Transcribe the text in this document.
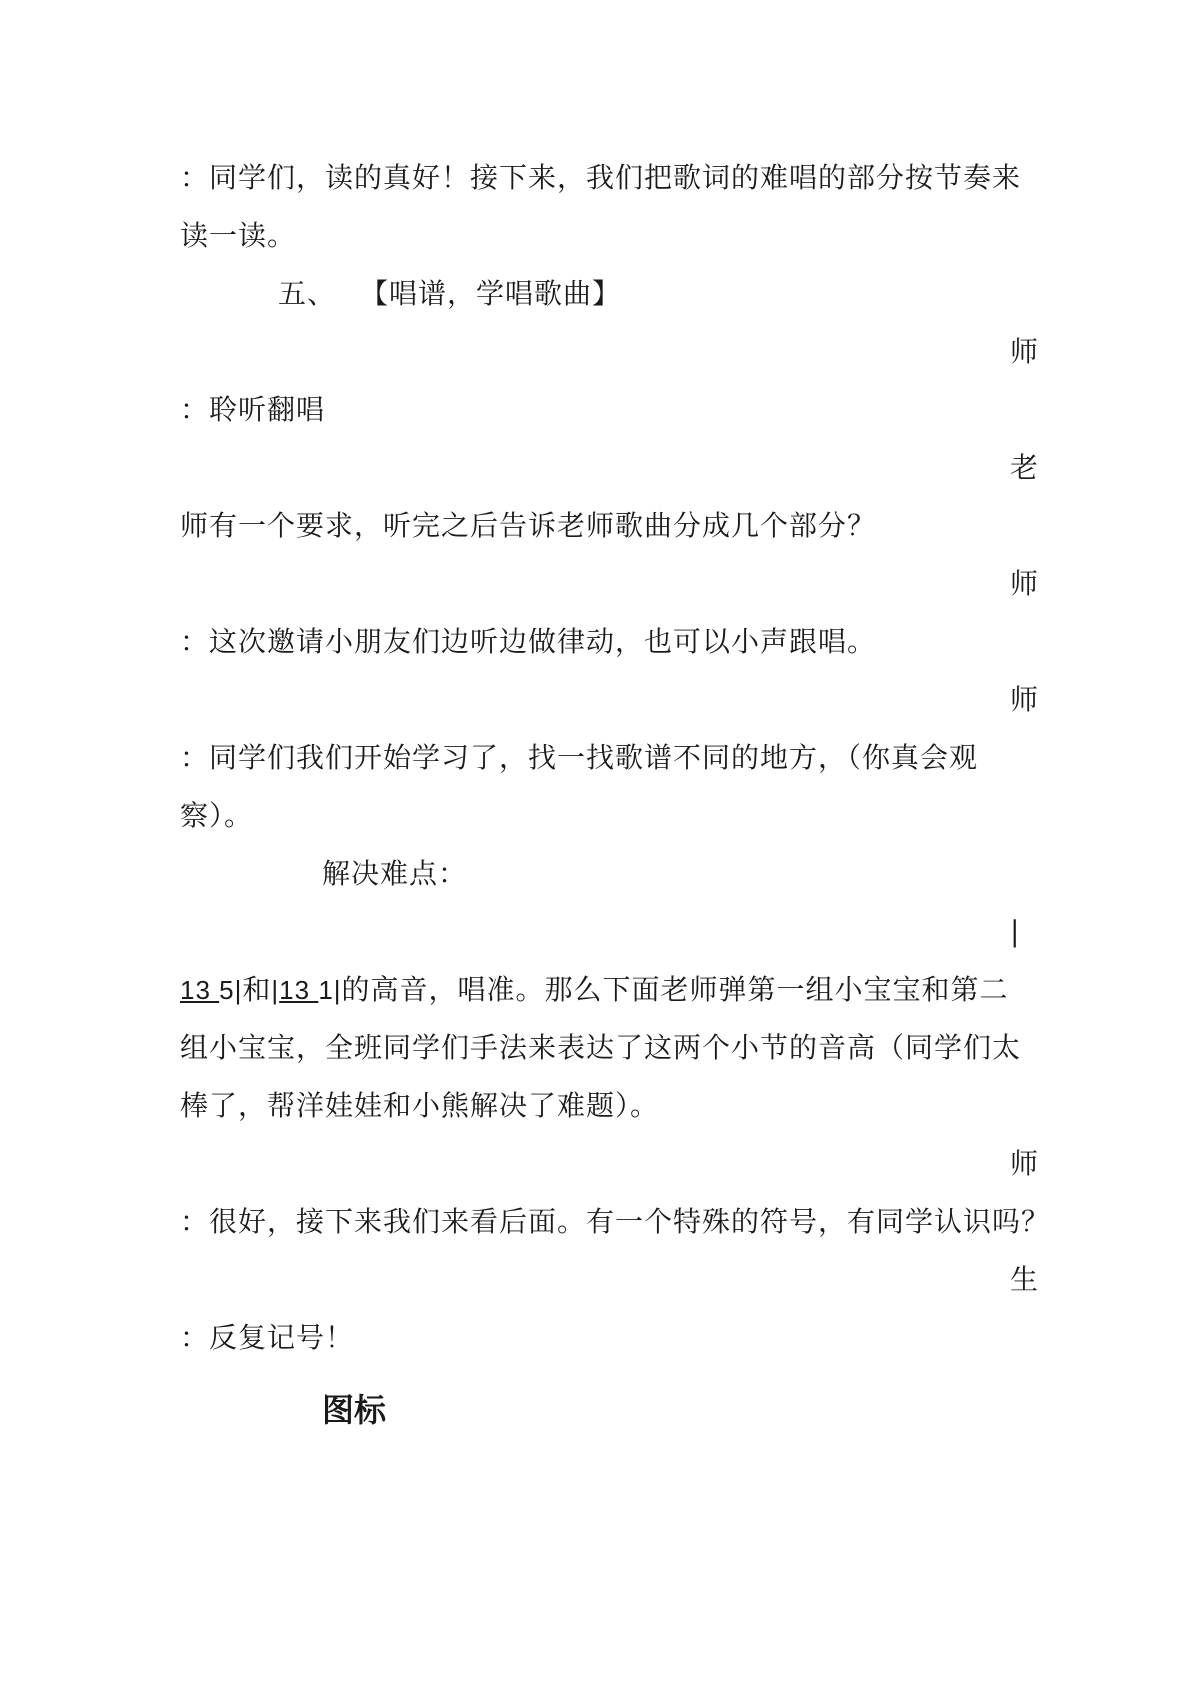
：同学们，读的真好！接下来，我们把歌词的难唱的部分按节奏来
读一读。
五、 【唱谱，学唱歌曲】
师
：聆听翻唱
老
师有一个要求，听完之后告诉老师歌曲分成几个部分？
师
：这次邀请小朋友们边听边做律动，也可以小声跟唱。
师
：同学们我们开始学习了，找一找歌谱不同的地方，（你真会观
察）。
解决难点：
|
13 5|和|13 1|的高音，唱准。那么下面老师弹第一组小宝宝和第二
组小宝宝，全班同学们手法来表达了这两个小节的音高（同学们太
棒了，帮洋娃娃和小熊解决了难题）。
师
：很好，接下来我们来看后面。有一个特殊的符号，有同学认识吗？
生
：反复记号！
图标
